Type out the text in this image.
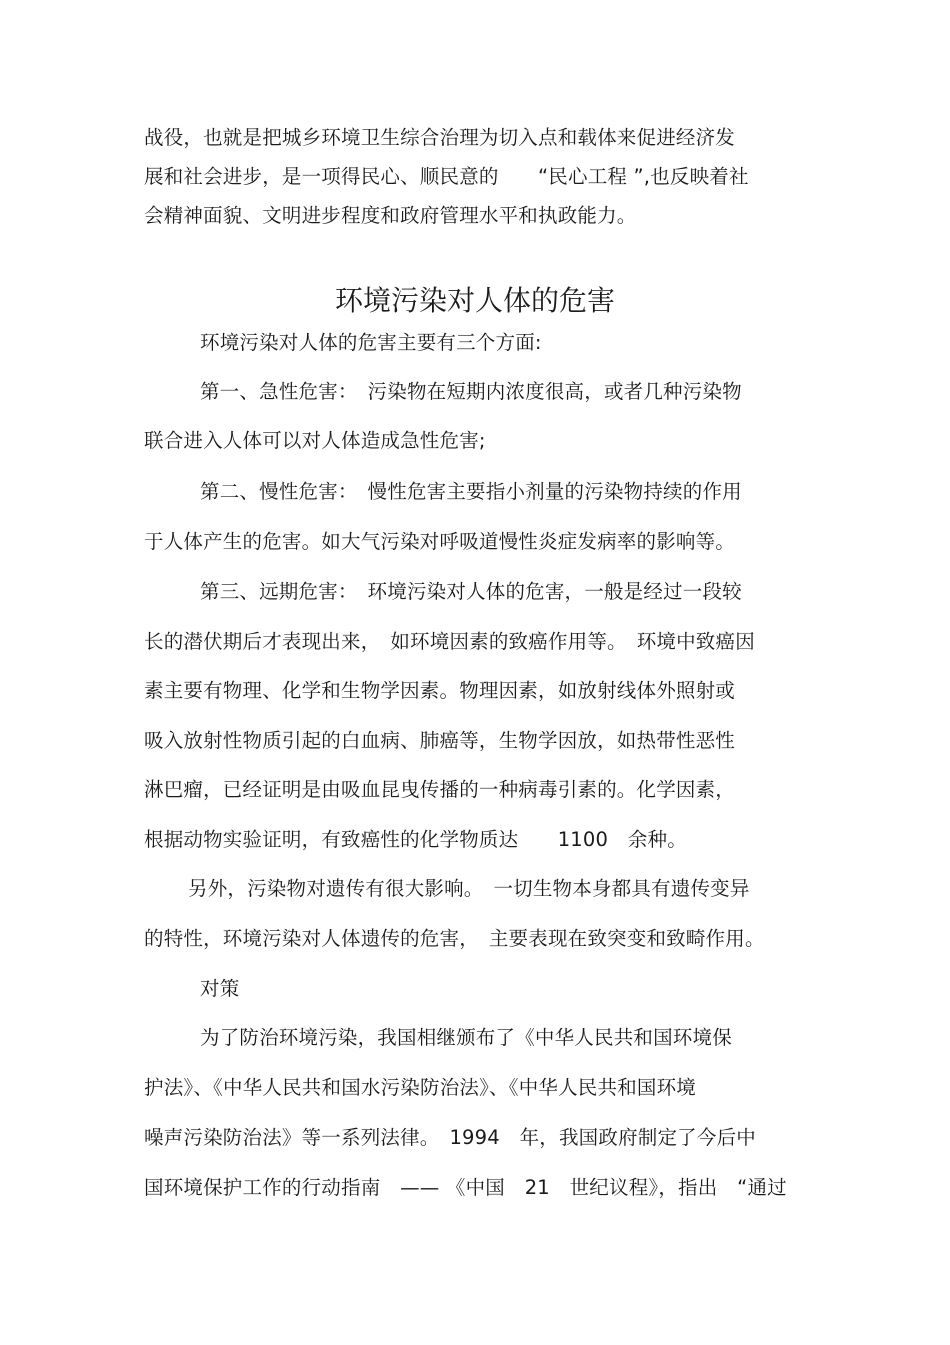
战役，也就是把城乡环境卫生综合治理为切入点和载体来促进经济发

展和社会进步，是一项得民心、顺民意的　　“民心工程 ”,也反映着社

会精神面貌、文明进步程度和政府管理水平和执政能力。

环境污染对人体的危害

环境污染对人体的危害主要有三个方面:

第一、急性危害：　污染物在短期内浓度很高，或者几种污染物

联合进入人体可以对人体造成急性危害;

第二、慢性危害：　慢性危害主要指小剂量的污染物持续的作用

于人体产生的危害。如大气污染对呼吸道慢性炎症发病率的影响等。

第三、远期危害：　环境污染对人体的危害，一般是经过一段较

长的潜伏期后才表现出来，　如环境因素的致癌作用等。　环境中致癌因

素主要有物理、化学和生物学因素。物理因素，如放射线体外照射或

吸入放射性物质引起的白血病、肺癌等，生物学因放，如热带性恶性

淋巴瘤，已经证明是由吸血昆曳传播的一种病毒引素的。化学因素，

根据动物实验证明，有致癌性的化学物质达　　1100　余种。

另外，污染物对遗传有很大影响。　一切生物本身都具有遗传变异

的特性，环境污染对人体遗传的危害，　主要表现在致突变和致畸作用。

对策

为了防治环境污染，我国相继颁布了《中华人民共和国环境保

护法》、《中华人民共和国水污染防治法》、《中华人民共和国环境

噪声污染防治法》等一系列法律。　1994　年，我国政府制定了今后中

国环境保护工作的行动指南　—— 《中国　21　世纪议程》，指出　“通过
